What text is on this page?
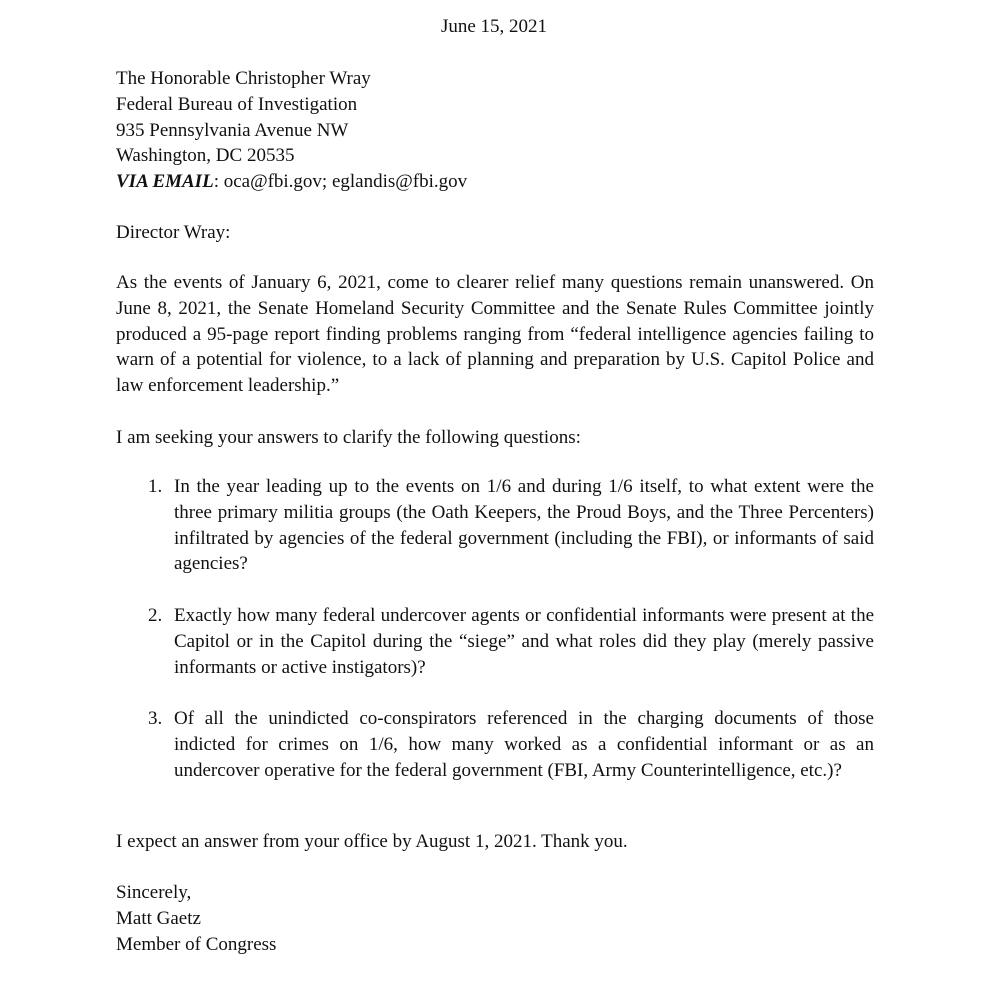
June 15, 2021
The Honorable Christopher Wray
Federal Bureau of Investigation
935 Pennsylvania Avenue NW
Washington, DC 20535
VIA EMAIL: oca@fbi.gov; eglandis@fbi.gov
Director Wray:
As the events of January 6, 2021, come to clearer relief many questions remain unanswered. On June 8, 2021, the Senate Homeland Security Committee and the Senate Rules Committee jointly produced a 95-page report finding problems ranging from “federal intelligence agencies failing to warn of a potential for violence, to a lack of planning and preparation by U.S. Capitol Police and law enforcement leadership.”
I am seeking your answers to clarify the following questions:
1. In the year leading up to the events on 1/6 and during 1/6 itself, to what extent were the three primary militia groups (the Oath Keepers, the Proud Boys, and the Three Percenters) infiltrated by agencies of the federal government (including the FBI), or informants of said agencies?
2. Exactly how many federal undercover agents or confidential informants were present at the Capitol or in the Capitol during the “siege” and what roles did they play (merely passive informants or active instigators)?
3. Of all the unindicted co-conspirators referenced in the charging documents of those indicted for crimes on 1/6, how many worked as a confidential informant or as an undercover operative for the federal government (FBI, Army Counterintelligence, etc.)?
I expect an answer from your office by August 1, 2021. Thank you.
Sincerely,
Matt Gaetz
Member of Congress
